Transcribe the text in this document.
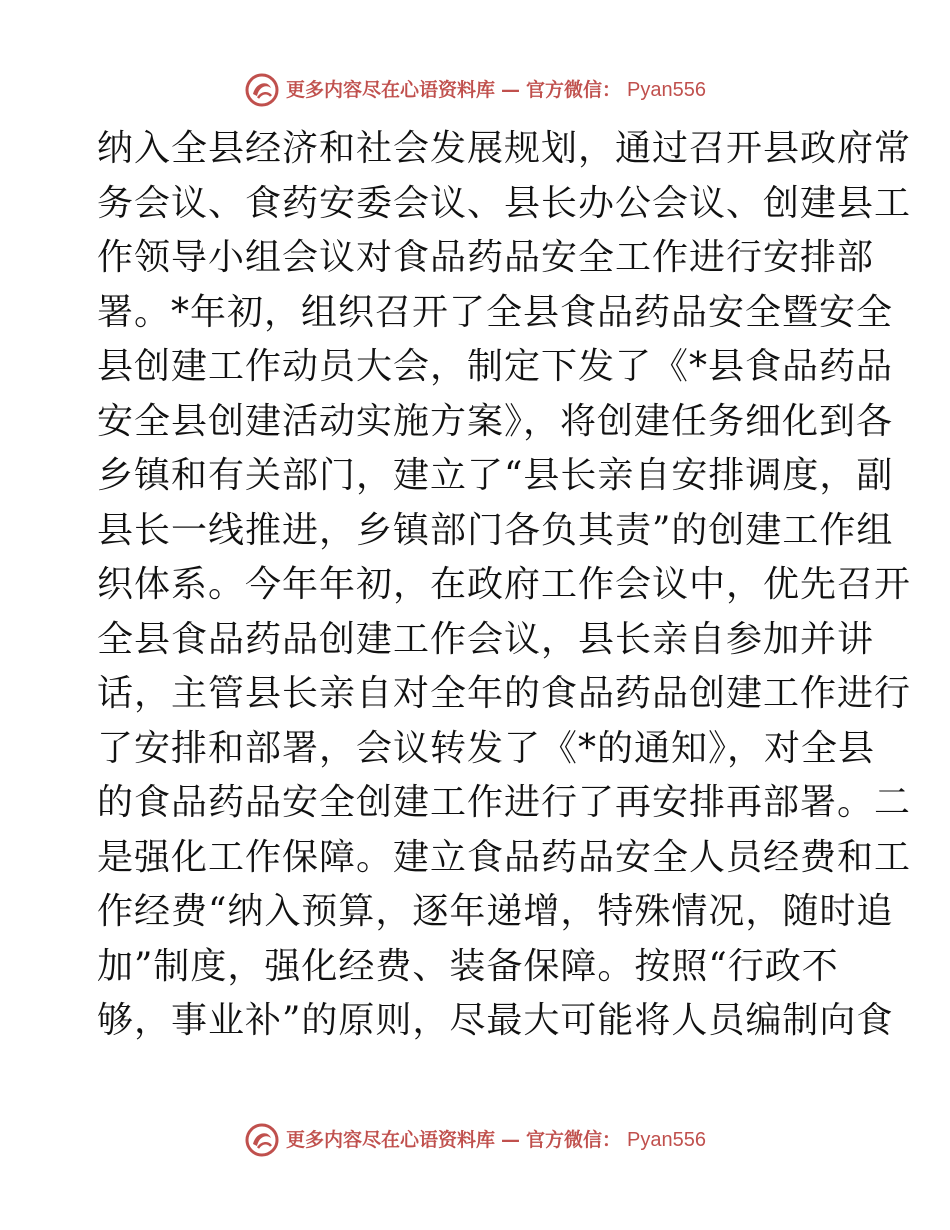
更多内容尽在心语资料库 — 官方微信： Pyan556
纳入全县经济和社会发展规划，通过召开县政府常
务会议、食药安委会议、县长办公会议、创建县工
作领导小组会议对食品药品安全工作进行安排部
署。*年初，组织召开了全县食品药品安全暨安全
县创建工作动员大会，制定下发了《*县食品药品
安全县创建活动实施方案》，将创建任务细化到各
乡镇和有关部门，建立了“县长亲自安排调度，副
县长一线推进，乡镇部门各负其责”的创建工作组
织体系。今年年初，在政府工作会议中，优先召开
全县食品药品创建工作会议，县长亲自参加并讲
话，主管县长亲自对全年的食品药品创建工作进行
了安排和部署，会议转发了《*的通知》，对全县
的食品药品安全创建工作进行了再安排再部署。二
是强化工作保障。建立食品药品安全人员经费和工
作经费“纳入预算，逐年递增，特殊情况，随时追
加”制度，强化经费、装备保障。按照“行政不
够，事业补”的原则，尽最大可能将人员编制向食
更多内容尽在心语资料库 — 官方微信： Pyan556
